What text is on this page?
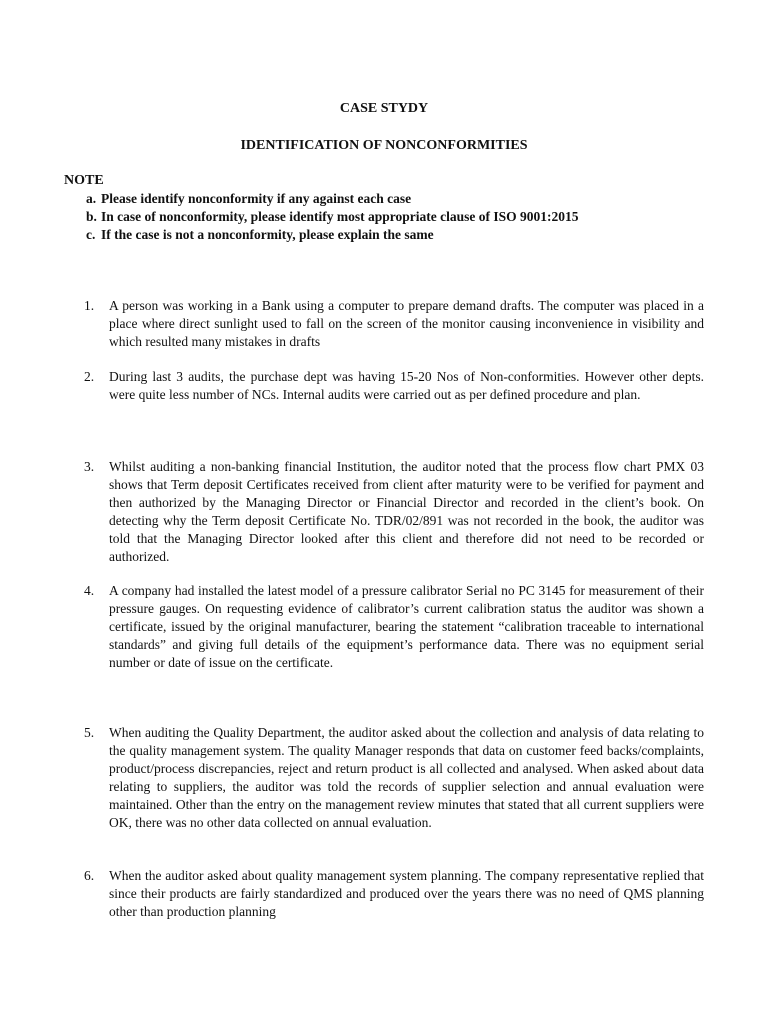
CASE STYDY

IDENTIFICATION OF NONCONFORMITIES

NOTE

a. Please identify nonconformity if any against each case
b. In case of nonconformity, please identify most appropriate clause of ISO 9001:2015
c. If the case is not a nonconformity, please explain the same
1.	A person was working in a Bank using a computer to prepare demand drafts. The computer was placed in a place where direct sunlight used to fall on the screen of the monitor causing inconvenience in visibility and which resulted many mistakes in drafts

2.	During last 3 audits, the purchase dept was having 15-20 Nos of Non-conformities. However other depts. were quite less number of NCs. Internal audits were carried out as per defined procedure and plan.

3.	Whilst auditing a non-banking financial Institution, the auditor noted that the process flow chart PMX 03 shows that Term deposit Certificates received from client after maturity were to be verified for payment and then authorized by the Managing Director or Financial Director and recorded in the client’s book. On detecting why the Term deposit Certificate No. TDR/02/891 was not recorded in the book, the auditor was told that the Managing Director looked after this client and therefore did not need to be recorded or authorized.

4.	A company had installed the latest model of a pressure calibrator Serial no PC 3145 for measurement of their pressure gauges. On requesting evidence of calibrator’s current calibration status the auditor was shown a certificate, issued by the original manufacturer, bearing the statement “calibration traceable to international standards” and giving full details of the equipment’s performance data. There was no equipment serial number or date of issue on the certificate.

5.	When auditing the Quality Department, the auditor asked about the collection and analysis of data relating to the quality management system. The quality Manager responds that data on customer feed backs/complaints, product/process discrepancies, reject and return product is all collected and analysed. When asked about data relating to suppliers, the auditor was told the records of supplier selection and annual evaluation were maintained. Other than the entry on the management review minutes that stated that all current suppliers were OK, there was no other data collected on annual evaluation.

6.	When the auditor asked about quality management system planning. The company representative replied that since their products are fairly standardized and produced over the years there was no need of QMS planning other than production planning
